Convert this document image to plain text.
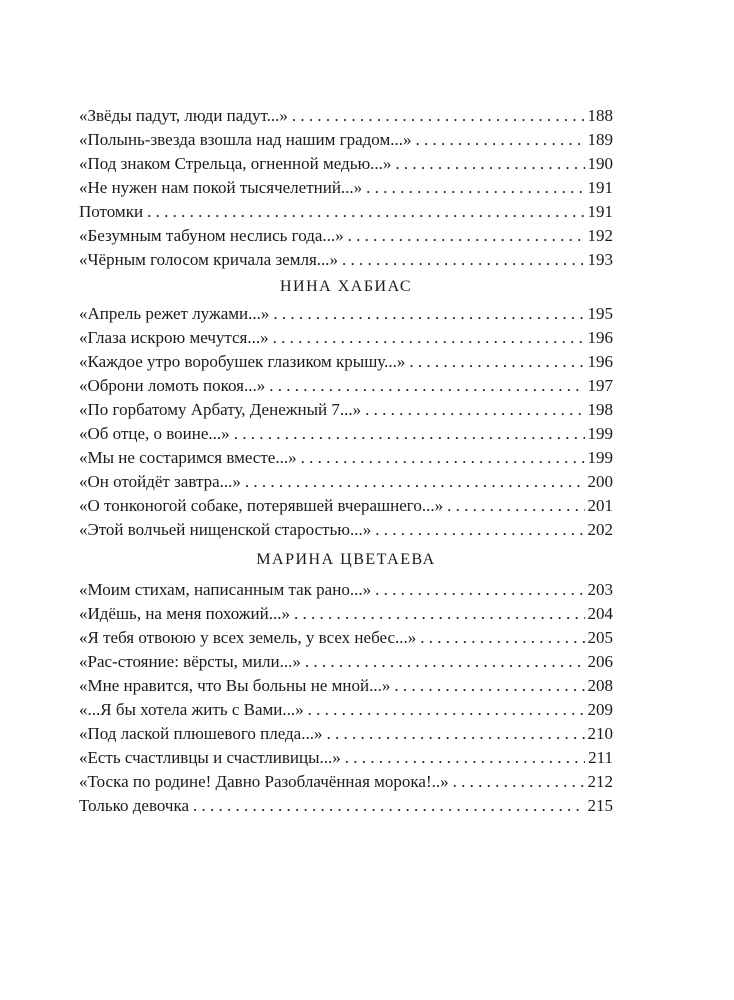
«Звёды падут, люди падут...» . . .	188
«Полынь-звезда взошла над нашим градом...» . . .	189
«Под знаком Стрельца, огненной медью...» . . .	190
«Не нужен нам покой тысячелетний...» . . .	191
Потомки . . .	191
«Безумным табуном неслись года...» . . .	192
«Чёрным голосом кричала земля...» . . .	193
НИНА ХАБИАС
«Апрель режет лужами...» . . .	195
«Глаза искрою мечутся...» . . .	196
«Каждое утро воробушек глазиком крышу...» . . .	196
«Оброни ломоть покоя...» . . .	197
«По горбатому Арбату, Денежный 7...» . . .	198
«Об отце, о воине...» . . .	199
«Мы не состаримся вместе...» . . .	199
«Он отойдёт завтра...» . . .	200
«О тонконогой собаке, потерявшей вчерашнего...» . . .	201
«Этой волчьей нищенской старостью...» . . .	202
МАРИНА ЦВЕТАЕВА
«Моим стихам, написанным так рано...» . . .	203
«Идёшь, на меня похожий...» . . .	204
«Я тебя отвоюю у всех земель, у всех небес...» . . .	205
«Рас-стояние: вёрсты, мили...» . . .	206
«Мне нравится, что Вы больны не мной...» . . .	208
«...Я бы хотела жить с Вами...» . . .	209
«Под лаской плюшевого пледа...» . . .	210
«Есть счастливцы и счастливицы...» . . .	211
«Тоска по родине! Давно Разоблачённая морока!..» . . .	212
Только девочка . . .	215
